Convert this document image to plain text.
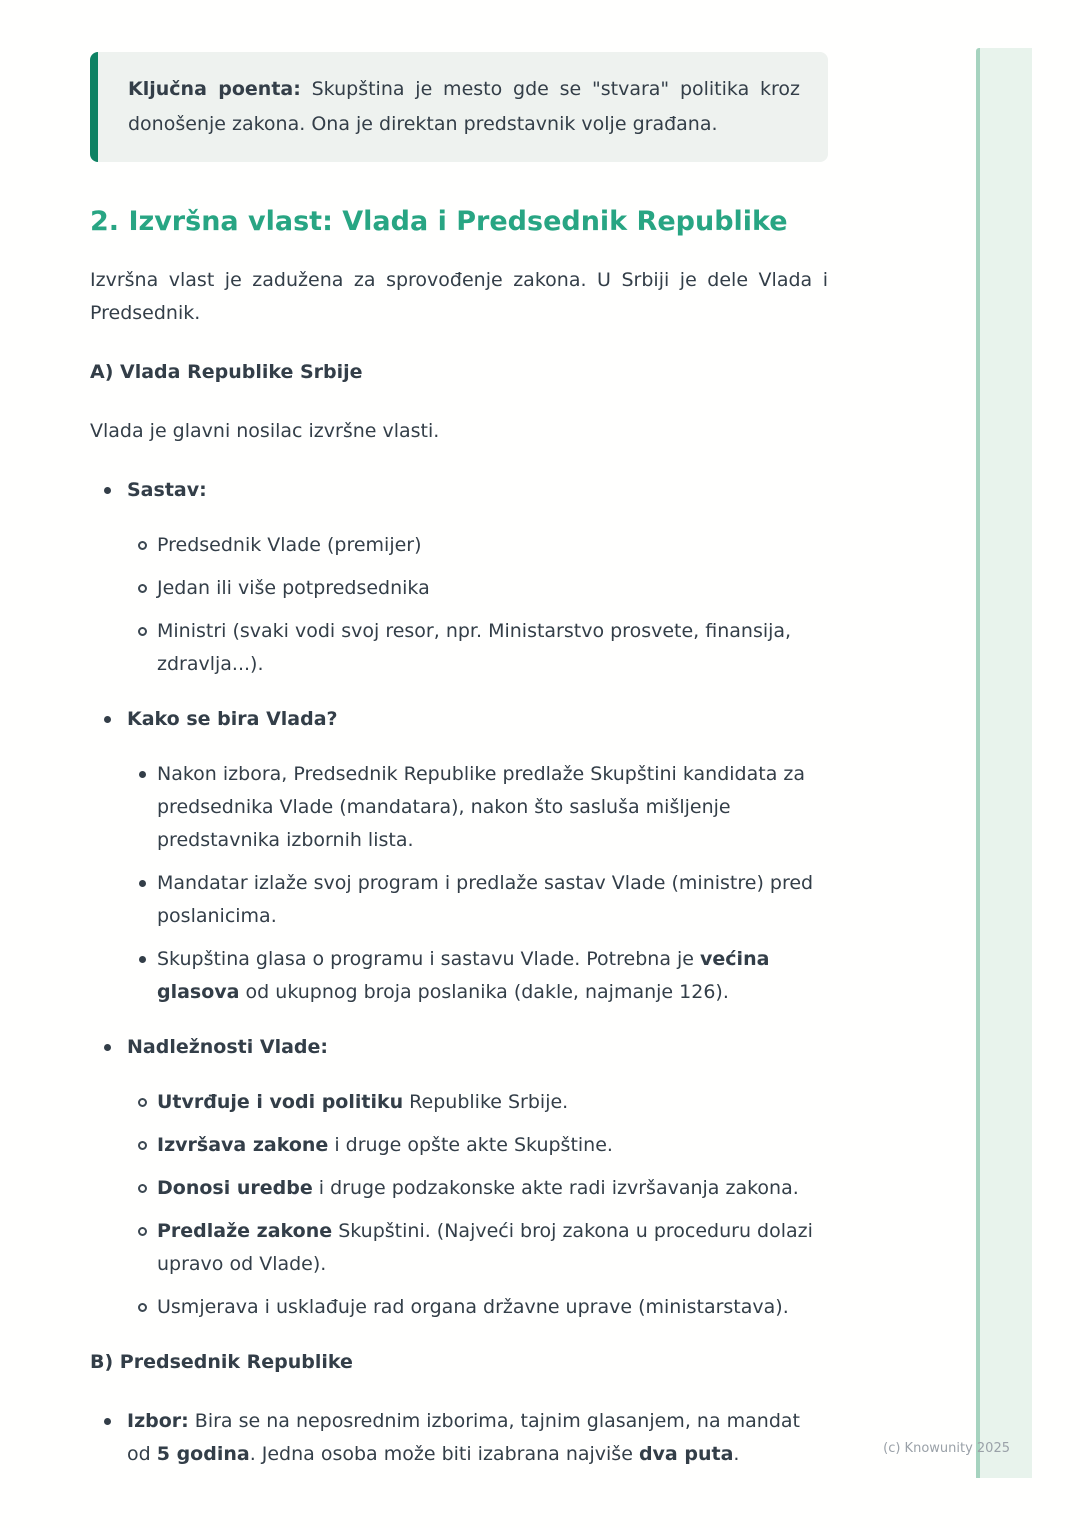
Ključna poenta: Skupština je mesto gde se "stvara" politika kroz donošenje zakona. Ona je direktan predstavnik volje građana.

2. Izvršna vlast: Vlada i Predsednik Republike

Izvršna vlast je zadužena za sprovođenje zakona. U Srbiji je dele Vlada i Predsednik.

A) Vlada Republike Srbije

Vlada je glavni nosilac izvršne vlasti.

Sastav:
Predsednik Vlade (premijer)
Jedan ili više potpredsednika
Ministri (svaki vodi svoj resor, npr. Ministarstvo prosvete, finansija, zdravlja...).
Kako se bira Vlada?
Nakon izbora, Predsednik Republike predlaže Skupštini kandidata za predsednika Vlade (mandatara), nakon što sasluša mišljenje predstavnika izbornih lista.
Mandatar izlaže svoj program i predlaže sastav Vlade (ministre) pred poslanicima.
Skupština glasa o programu i sastavu Vlade. Potrebna je većina glasova od ukupnog broja poslanika (dakle, najmanje 126).
Nadležnosti Vlade:
Utvrđuje i vodi politiku Republike Srbije.
Izvršava zakone i druge opšte akte Skupštine.
Donosi uredbe i druge podzakonske akte radi izvršavanja zakona.
Predlaže zakone Skupštini. (Najveći broj zakona u proceduru dolazi upravo od Vlade).
Usmjerava i usklađuje rad organa državne uprave (ministarstava).

B) Predsednik Republike

Izbor: Bira se na neposrednim izborima, tajnim glasanjem, na mandat od 5 godina. Jedna osoba može biti izabrana najviše dva puta.	(c) Knowunity 2025
